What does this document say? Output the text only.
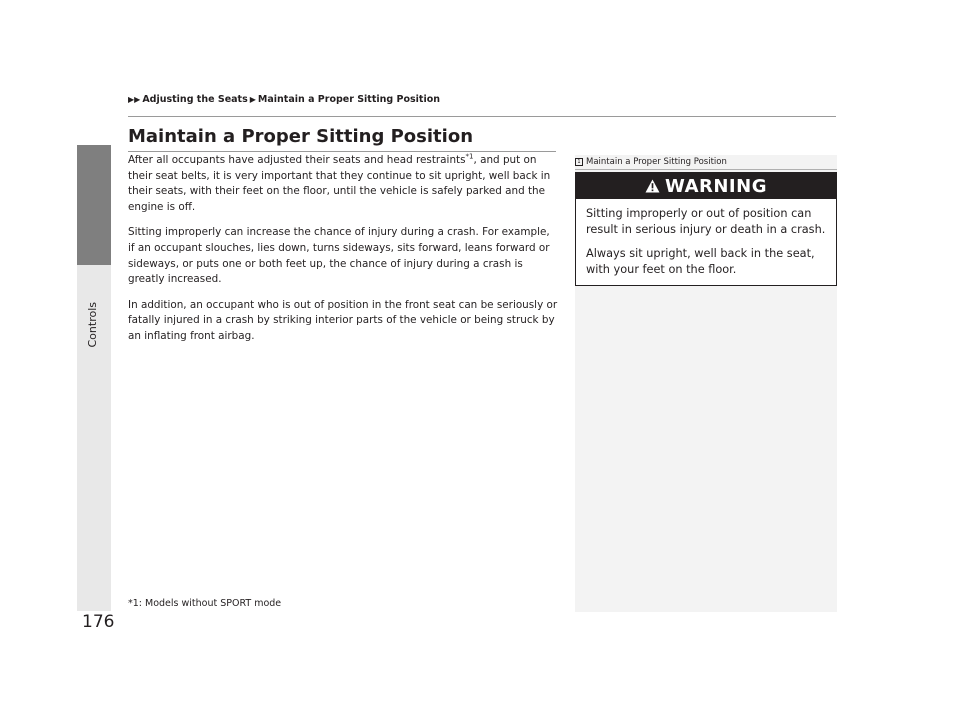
Controls
176
▶▶ Adjusting the Seats ▶ Maintain a Proper Sitting Position
Maintain a Proper Sitting Position

After all occupants have adjusted their seats and head restraints$^{*1}$, and put on their seat belts, it is very important that they continue to sit upright, well back in their seats, with their feet on the floor, until the vehicle is safely parked and the engine is off.

Sitting improperly can increase the chance of injury during a crash. For example, if an occupant slouches, lies down, turns sideways, sits forward, leans forward or sideways, or puts one or both feet up, the chance of injury during a crash is greatly increased.

In addition, an occupant who is out of position in the front seat can be seriously or fatally injured in a crash by striking interior parts of the vehicle or being struck by an inflating front airbag.

*1: Models without SPORT mode
1 Maintain a Proper Sitting Position
WARNING

Sitting improperly or out of position can result in serious injury or death in a crash.

Always sit upright, well back in the seat, with your feet on the floor.
